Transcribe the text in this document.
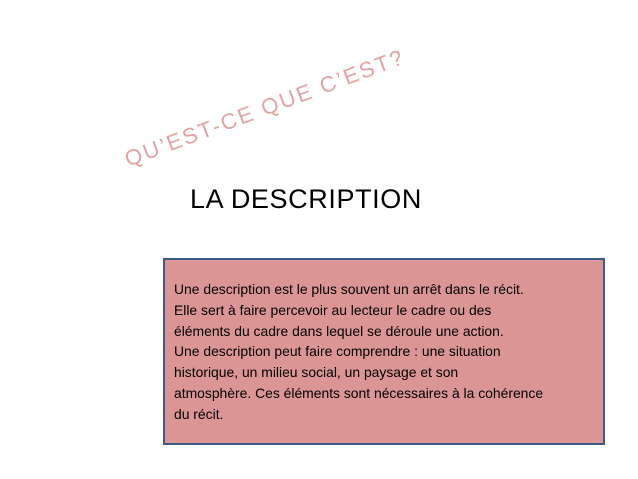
QU’EST-CE QUE C’EST?
LA DESCRIPTION
Une description est le plus souvent un arrêt dans le récit.
Elle sert à faire percevoir au lecteur le cadre ou des
éléments du cadre dans lequel se déroule une action.
Une description peut faire comprendre : une situation
historique, un milieu social, un paysage et son
atmosphère. Ces éléments sont nécessaires à la cohérence
du récit.
